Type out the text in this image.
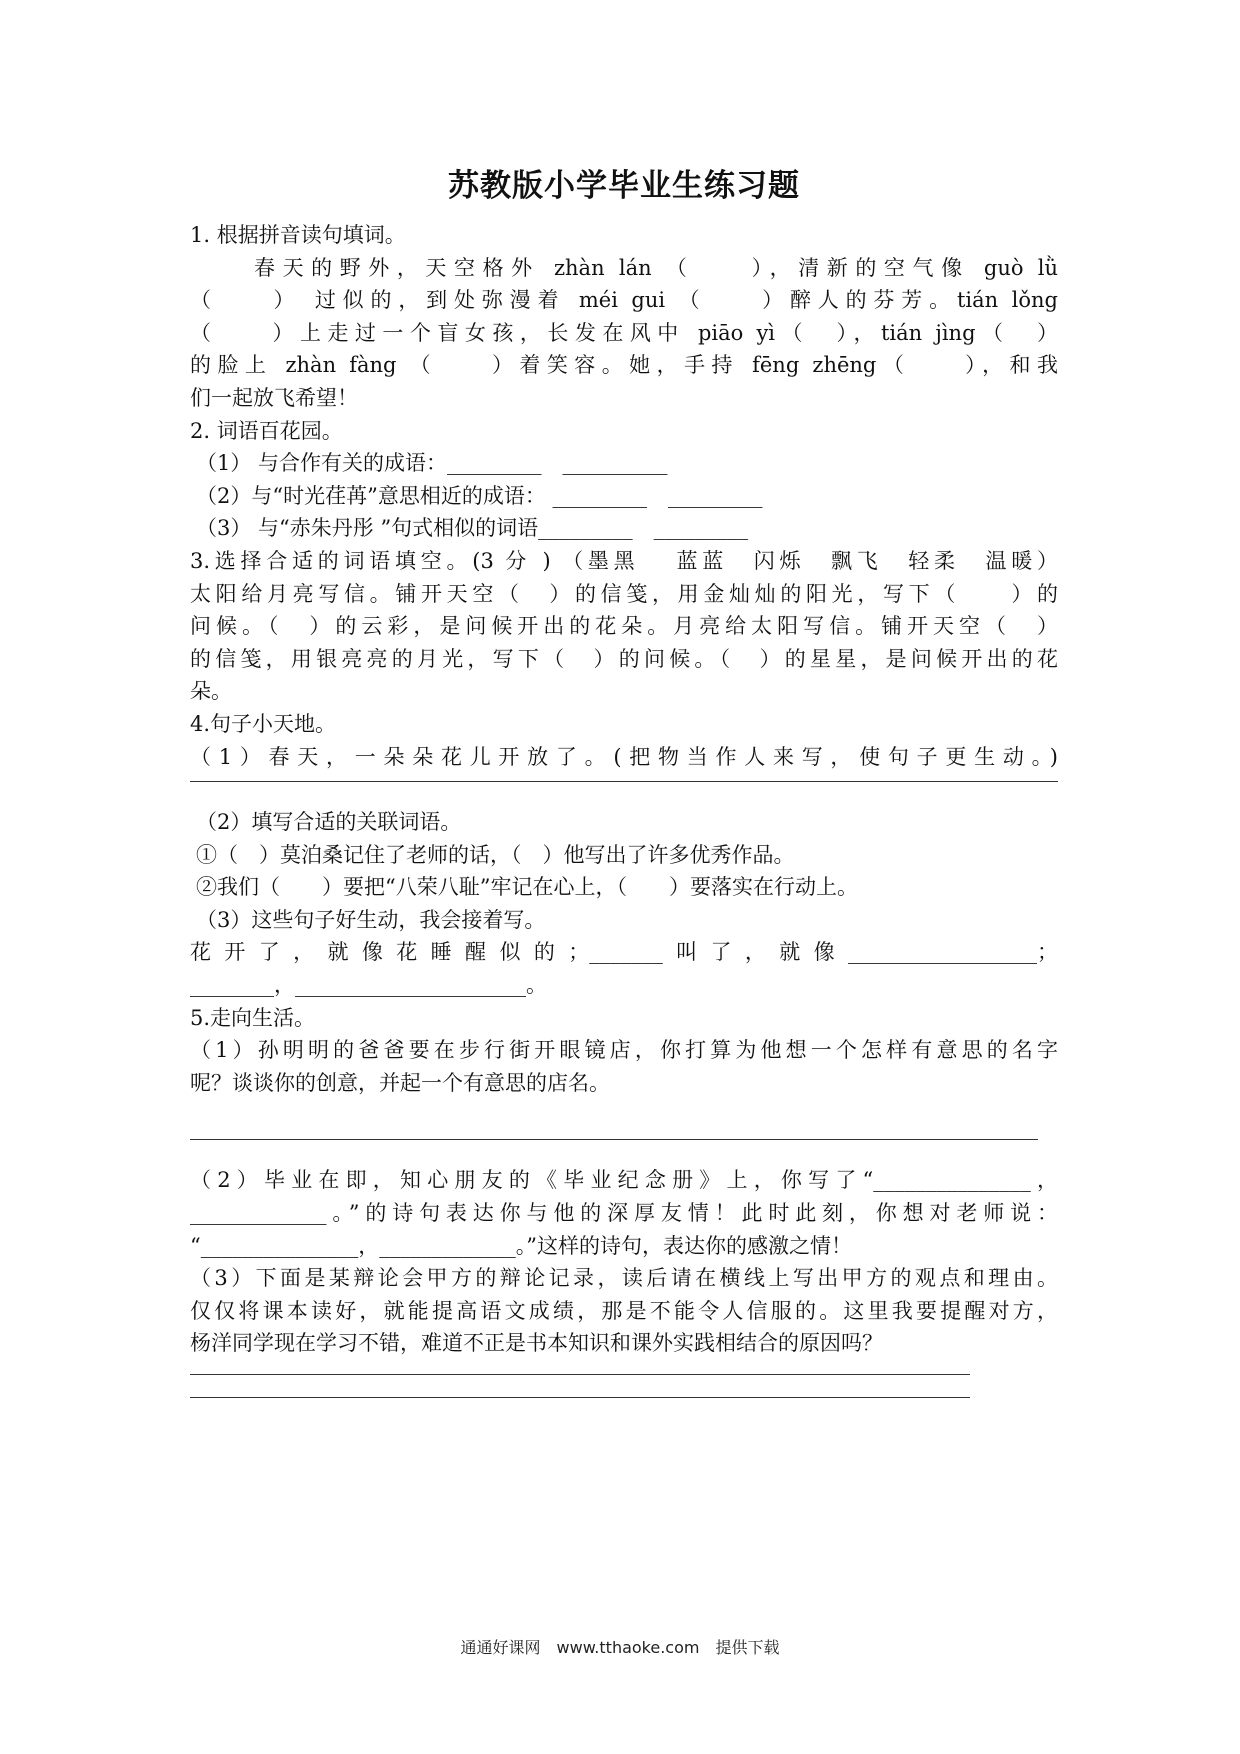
苏教版小学毕业生练习题
1. 根据拼音读句填词。
春天的野外，天空格外 zhàn lán （　　），清新的空气像 guò lǜ
（　　） 过似的，到处弥漫着 méi gui （　　）醉人的芬芳。tián lǒng
（　　）上走过一个盲女孩，长发在风中 piāo yì（　），tián jìng（　）
的脸上 zhàn fàng （　　）着笑容。她，手持 fēng zhēng（　　），和我
们一起放飞希望！
2. 词语百花园。
（1） 与合作有关的成语：_________　__________
（2）与“时光荏苒”意思相近的成语： _________　_________
（3） 与“赤朱丹彤 ”句式相似的词语_________　_________
3.选择合适的词语填空。(3 分 ) （墨黑　 蓝蓝　闪烁　飘飞　轻柔　温暖）
太阳给月亮写信。铺开天空（　）的信笺，用金灿灿的阳光，写下（　　）的
问候。（　）的云彩，是问候开出的花朵。月亮给太阳写信。铺开天空（　）
的信笺，用银亮亮的月光，写下（　）的问候。（　）的星星，是问候开出的花
朵。
4.句子小天地。
（1）春天，一朵朵花儿开放了。(把物当作人来写，使句子更生动。)
（2）填写合适的关联词语。
①（　）莫泊桑记住了老师的话，（　）他写出了许多优秀作品。
②我们（　　）要把“八荣八耻”牢记在心上，（　　）要落实在行动上。
（3）这些句子好生动，我会接着写。
花开了，就像花睡醒似的；_______叫了，就像__________________；
________，______________________。
5.走向生活。
（1）孙明明的爸爸要在步行街开眼镜店，你打算为他想一个怎样有意思的名字
呢？谈谈你的创意，并起一个有意思的店名。
（2）毕业在即，知心朋友的《毕业纪念册》上，你写了“_______________，
_____________。”的诗句表达你与他的深厚友情！此时此刻，你想对老师说：
“_______________，_____________。”这样的诗句，表达你的感激之情！
（3）下面是某辩论会甲方的辩论记录，读后请在横线上写出甲方的观点和理由。
仅仅将课本读好，就能提高语文成绩，那是不能令人信服的。这里我要提醒对方，
杨洋同学现在学习不错，难道不正是书本知识和课外实践相结合的原因吗？
通通好课网　www.tthaoke.com　提供下载
